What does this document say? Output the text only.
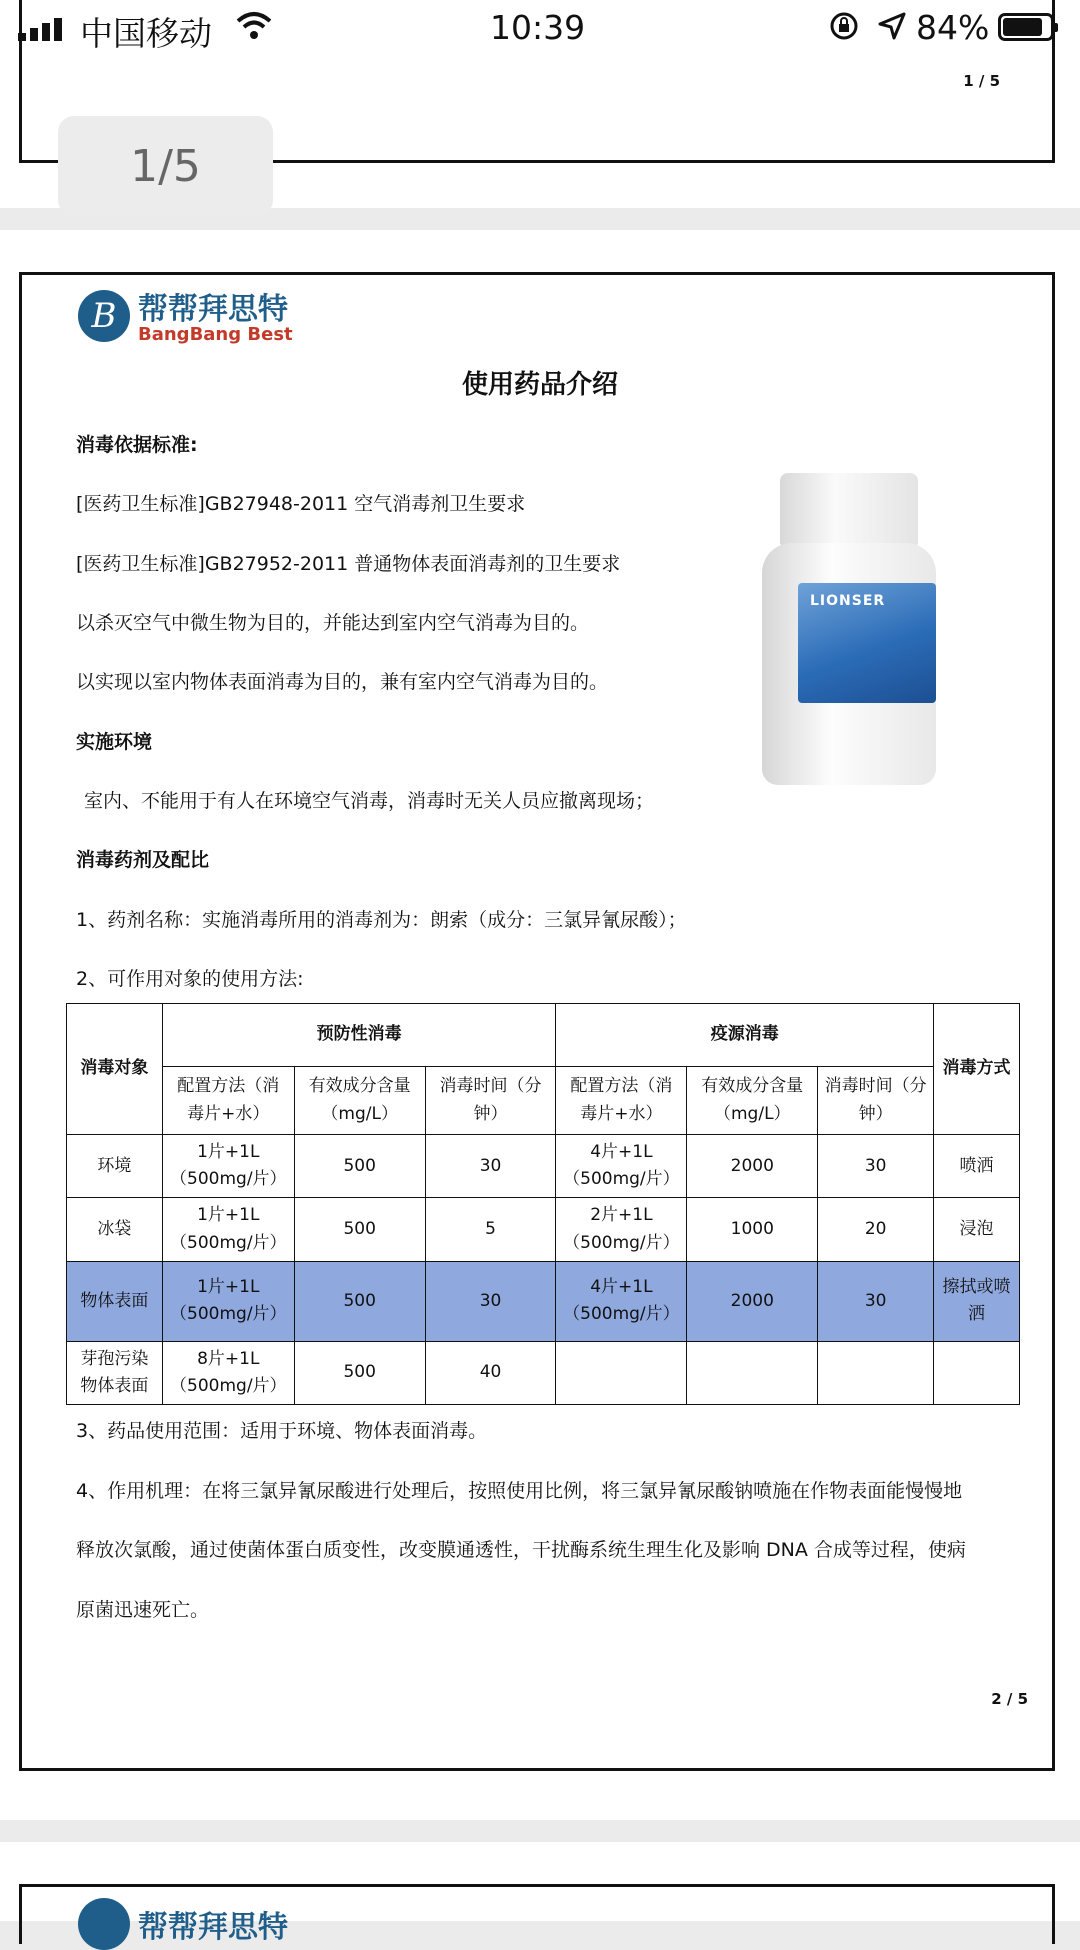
1 / 5
1/5
中国移动	10:39	84%
B 帮帮拜思特
BangBang Best
使用药品介绍
消毒依据标准:
[医药卫生标准]GB27948-2011 空气消毒剂卫生要求
[医药卫生标准]GB27952-2011 普通物体表面消毒剂的卫生要求
以杀灭空气中微生物为目的，并能达到室内空气消毒为目的。
以实现以室内物体表面消毒为目的，兼有室内空气消毒为目的。
实施环境
室内、不能用于有人在环境空气消毒，消毒时无关人员应撤离现场；
消毒药剂及配比
1、药剂名称：实施消毒所用的消毒剂为：朗索（成分：三氯异氰尿酸）；
2、可作用对象的使用方法:
LIONSER
消毒对象	预防性消毒			疫源消毒			消毒方式
	配置方法（消毒片+水）	有效成分含量（mg/L）	消毒时间（分钟）	配置方法（消毒片+水）	有效成分含量（mg/L）	消毒时间（分钟）	
环境	1片+1L（500mg/片）	500	30	4片+1L（500mg/片）	2000	30	喷洒
冰袋	1片+1L（500mg/片）	500	5	2片+1L（500mg/片）	1000	20	浸泡
物体表面	1片+1L（500mg/片）	500	30	4片+1L（500mg/片）	2000	30	擦拭或喷洒
芽孢污染物体表面	8片+1L（500mg/片）	500	40				
3、药品使用范围：适用于环境、物体表面消毒。
4、作用机理：在将三氯异氰尿酸进行处理后，按照使用比例，将三氯异氰尿酸钠喷施在作物表面能慢慢地
释放次氯酸，通过使菌体蛋白质变性，改变膜通透性，干扰酶系统生理生化及影响 DNA 合成等过程，使病
原菌迅速死亡。
2 / 5
帮帮拜思特
